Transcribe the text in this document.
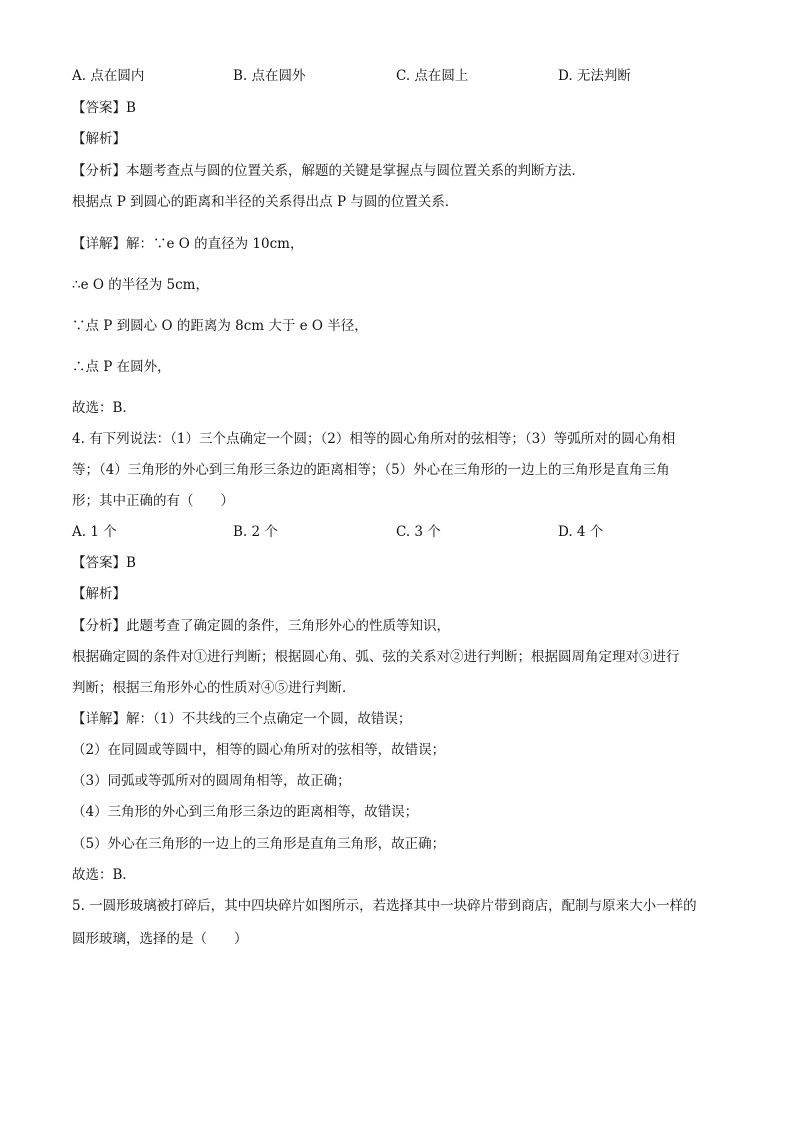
A. 点在圆内	B. 点在圆外	C. 点在圆上	D. 无法判断
【答案】B
【解析】
【分析】本题考查点与圆的位置关系，解题的关键是掌握点与圆位置关系的判断方法．
根据点 P 到圆心的距离和半径的关系得出点 P 与圆的位置关系．
【详解】解：∵e O 的直径为 10cm，
∴e O 的半径为 5cm，
∵点 P 到圆心 O 的距离为 8cm 大于 e O 半径，
∴点 P 在圆外，
故选：B．
4. 有下列说法：（1）三个点确定一个圆；（2）相等的圆心角所对的弦相等；（3）等弧所对的圆心角相
等；（4）三角形的外心到三角形三条边的距离相等；（5）外心在三角形的一边上的三角形是直角三角
形；其中正确的有（　　）
A. 1 个	B. 2 个	C. 3 个	D. 4 个
【答案】B
【解析】
【分析】此题考查了确定圆的条件，三角形外心的性质等知识，
根据确定圆的条件对①进行判断；根据圆心角、弧、弦的关系对②进行判断；根据圆周角定理对③进行
判断；根据三角形外心的性质对④⑤进行判断．
【详解】解：（1）不共线的三个点确定一个圆，故错误；
（2）在同圆或等圆中，相等的圆心角所对的弦相等，故错误；
（3）同弧或等弧所对的圆周角相等，故正确；
（4）三角形的外心到三角形三条边的距离相等，故错误；
（5）外心在三角形的一边上的三角形是直角三角形，故正确；
故选：B．
5. 一圆形玻璃被打碎后，其中四块碎片如图所示，若选择其中一块碎片带到商店，配制与原来大小一样的
圆形玻璃，选择的是（　　）
